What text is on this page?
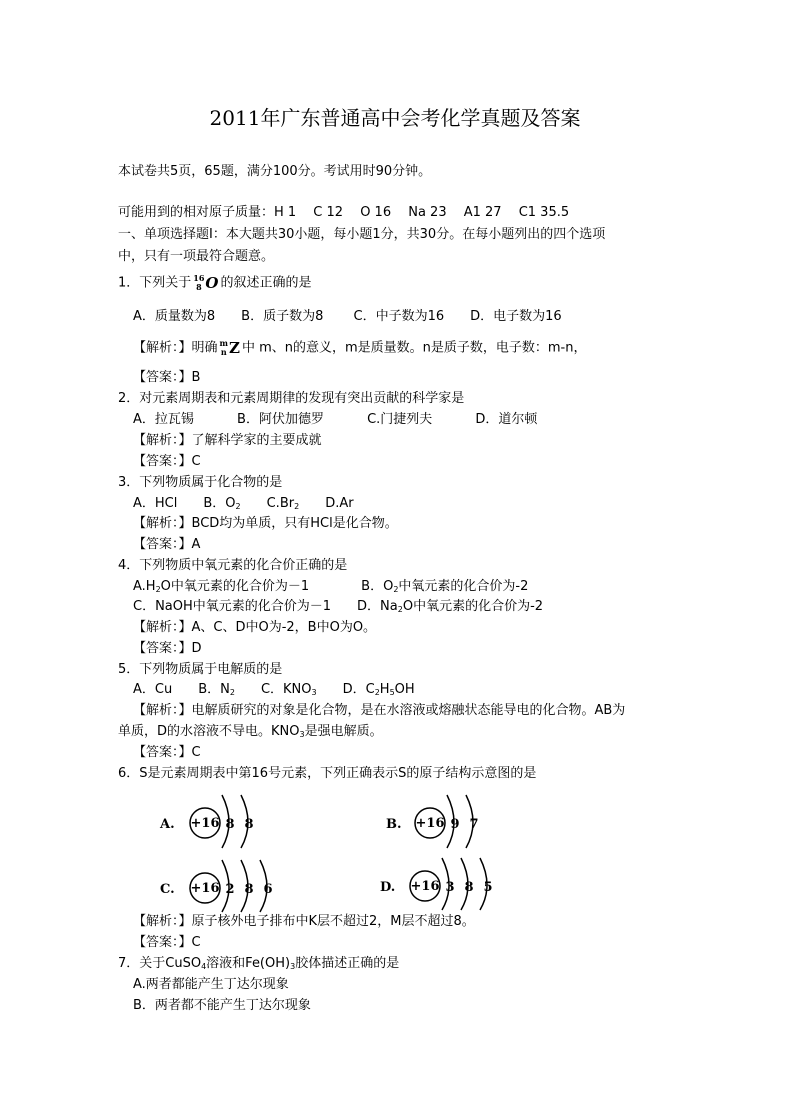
2011年广东普通高中会考化学真题及答案
本试卷共5页，65题，满分100分。考试用时90分钟。
可能用到的相对原子质量：H 1　 C 12　 O 16　 Na 23　 A1 27　 C1 35.5
一、单项选择题Ⅰ：本大题共30小题，每小题1分，共30分。在每小题列出的四个选项
中，只有一项最符合题意。
1．下列关于 16
8 O 的叙述正确的是
A．质量数为8　　B．质子数为8　　 C．中子数为16　　D．电子数为16
【解析：】明确 m
n Z 中 m、n的意义，m是质量数。n是质子数，电子数：m-n，
【答案：】B
2．对元素周期表和元素周期律的发现有突出贡献的科学家是
A．拉瓦锡　　　 B．阿伏加德罗　　　 C.门捷列夫　　　 D．道尔顿
【解析：】了解科学家的主要成就
【答案：】C
3．下列物质属于化合物的是
A．HCl　　B．$O_2$　　$C.Br_2$　　D.Ar
【解析：】BCD均为单质，只有HCl是化合物。
【答案：】A
4．下列物质中氧元素的化合价正确的是
$A.H_2O$中氧元素的化合价为－1　　　　B．$O_2$中氧元素的化合价为-2
C．NaOH中氧元素的化合价为－1　　D．$Na_2O$中氧元素的化合价为-2
【解析：】A、C、D中O为-2，B中O为O。
【答案：】D
5．下列物质属于电解质的是
A．Cu　　B．$N_2$　　C．$KNO_3$　　D．$C_2H_5OH$
【解析：】电解质研究的对象是化合物，是在水溶液或熔融状态能导电的化合物。AB为
单质，D的水溶液不导电。$KNO_3$是强电解质。
【答案：】C
6．S是元素周期表中第16号元素，下列正确表示S的原子结构示意图的是
A. +16 8 8	B. +16 9 7
C. +16 2 8 6	D. +16 3 8 5
【解析：】原子核外电子排布中K层不超过2，M层不超过8。
【答案：】C
7．关于CuSO$_4$溶液和$Fe(OH)_3$胶体描述正确的是
A.两者都能产生丁达尔现象
B．两者都不能产生丁达尔现象
